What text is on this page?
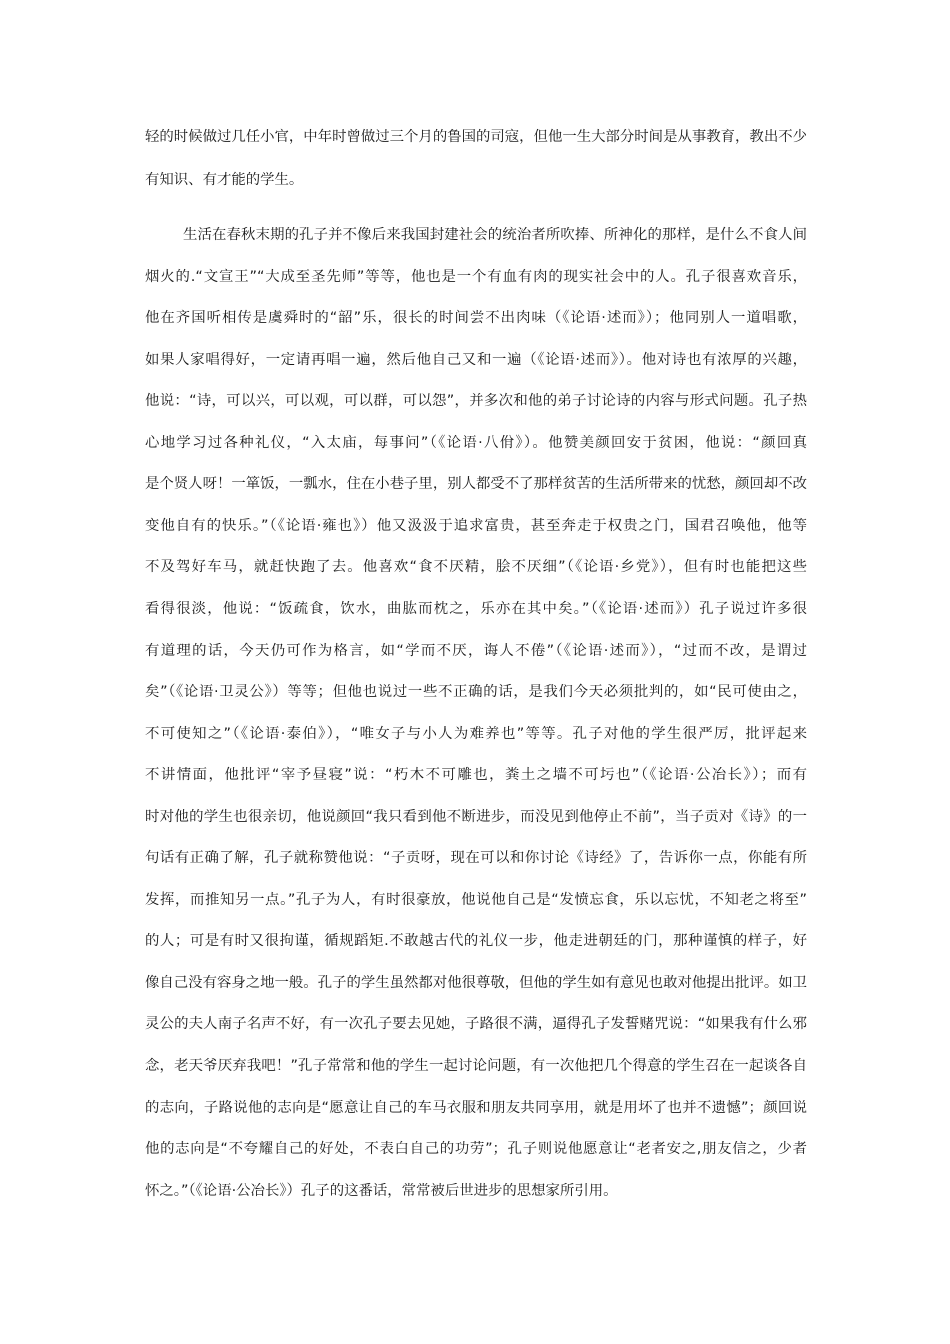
轻的时候做过几任小官，中年时曾做过三个月的鲁国的司寇，但他一生大部分时间是从事教育，教出不少
有知识、有才能的学生。
生活在春秋末期的孔子并不像后来我国封建社会的统治者所吹捧、所神化的那样，是什么不食人间
烟火的.“文宣王”“大成至圣先师”等等，他也是一个有血有肉的现实社会中的人。孔子很喜欢音乐，
他在齐国听相传是虞舜时的“韶”乐，很长的时间尝不出肉味（《论语·述而》）；他同别人一道唱歌，
如果人家唱得好，一定请再唱一遍，然后他自己又和一遍（《论语·述而》）。他对诗也有浓厚的兴趣，
他说：“诗，可以兴，可以观，可以群，可以怨”，并多次和他的弟子讨论诗的内容与形式问题。孔子热
心地学习过各种礼仪，“入太庙，每事问”（《论语·八佾》）。他赞美颜回安于贫困，他说：“颜回真
是个贤人呀！一箪饭，一瓢水，住在小巷子里，别人都受不了那样贫苦的生活所带来的忧愁，颜回却不改
变他自有的快乐。”（《论语·雍也》）他又汲汲于追求富贵，甚至奔走于权贵之门，国君召唤他，他等
不及驾好车马，就赶快跑了去。他喜欢“食不厌精，脍不厌细”（《论语·乡党》），但有时也能把这些
看得很淡，他说：“饭疏食，饮水，曲肱而枕之，乐亦在其中矣。”（《论语·述而》）孔子说过许多很
有道理的话，今天仍可作为格言，如“学而不厌，诲人不倦”（《论语·述而》），“过而不改，是谓过
矣”（《论语·卫灵公》）等等；但他也说过一些不正确的话，是我们今天必须批判的，如“民可使由之，
不可使知之”（《论语·泰伯》），“唯女子与小人为难养也”等等。孔子对他的学生很严厉，批评起来
不讲情面，他批评“宰予昼寝”说：“朽木不可雕也，粪土之墙不可圬也”（《论语·公冶长》）；而有
时对他的学生也很亲切，他说颜回“我只看到他不断进步，而没见到他停止不前”，当子贡对《诗》的一
句话有正确了解，孔子就称赞他说：“子贡呀，现在可以和你讨论《诗经》了，告诉你一点，你能有所
发挥，而推知另一点。”孔子为人，有时很豪放，他说他自己是“发愤忘食，乐以忘忧，不知老之将至”
的人；可是有时又很拘谨，循规蹈矩.不敢越古代的礼仪一步，他走进朝廷的门，那种谨慎的样子，好
像自己没有容身之地一般。孔子的学生虽然都对他很尊敬，但他的学生如有意见也敢对他提出批评。如卫
灵公的夫人南子名声不好，有一次孔子要去见她，子路很不满，逼得孔子发誓赌咒说：“如果我有什么邪
念，老天爷厌弃我吧！”孔子常常和他的学生一起讨论问题，有一次他把几个得意的学生召在一起谈各自
的志向，子路说他的志向是“愿意让自己的车马衣服和朋友共同享用，就是用坏了也并不遗憾”；颜回说
他的志向是“不夸耀自己的好处，不表白自己的功劳”；孔子则说他愿意让“老者安之,朋友信之，少者
怀之。”（《论语·公冶长》）孔子的这番话，常常被后世进步的思想家所引用。
